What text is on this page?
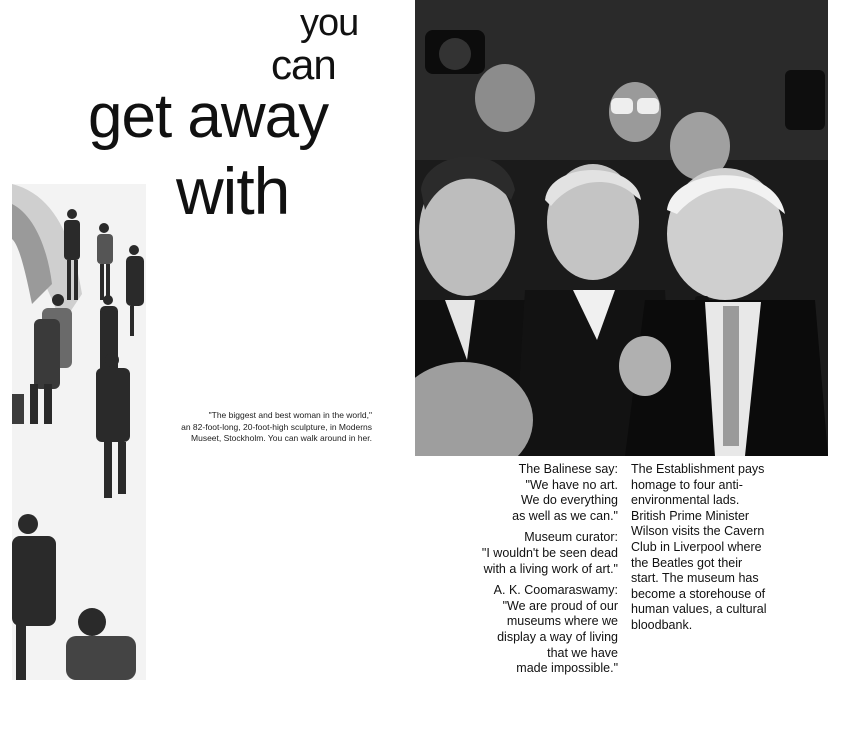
you
can
get away
with
"The biggest and best woman in the world,"
an 82-foot-long, 20-foot-high sculpture, in Moderns
Museet, Stockholm. You can walk around in her.
The Balinese say:
"We have no art.
We do everything
as well as we can."
Museum curator:
"I wouldn't be seen dead
with a living work of art."
A. K. Coomaraswamy:
"We are proud of our
museums where we
display a way of living
that we have
made impossible."
The Establishment pays
homage to four anti-
environmental lads.
British Prime Minister
Wilson visits the Cavern
Club in Liverpool where
the Beatles got their
start. The museum has
become a storehouse of
human values, a cultural
bloodbank.
